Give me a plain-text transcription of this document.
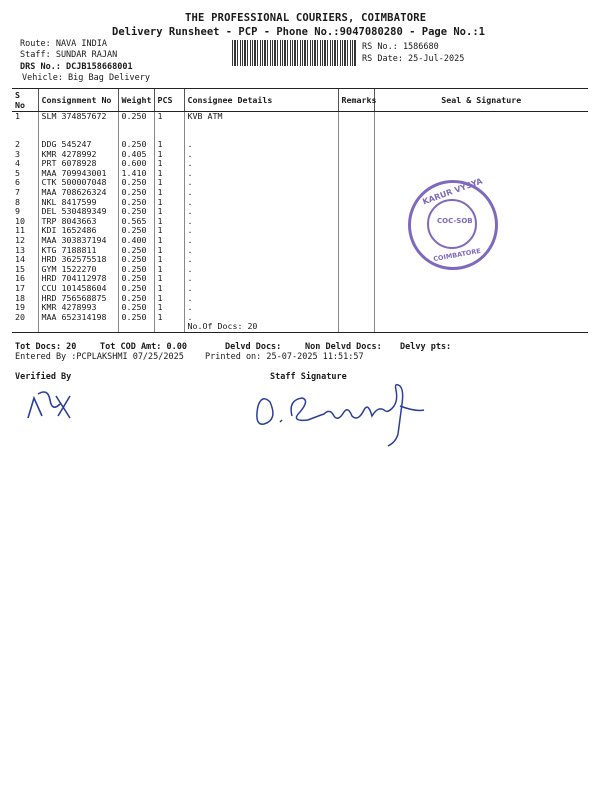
THE PROFESSIONAL COURIERS, COIMBATORE
Delivery Runsheet - PCP - Phone No.:9047080280 - Page No.:1
Route: NAVA INDIA
Staff: SUNDAR RAJAN
DRS No.: DCJB158668001
Vehicle: Big Bag Delivery
RS No.: 1586680
RS Date: 25-Jul-2025
S No	Consignment No	Weight	PCS	Consignee Details	Remarks	Seal & Signature
1	SLM 374857672	0.250	1	KVB ATM		
2	DDG 545247	0.250	1	.		
3	KMR 4278992	0.405	1	.		
4	PRT 6078928	0.600	1	.		
5	MAA 709943001	1.410	1	.		
6	CTK 500007048	0.250	1	.		
7	MAA 708626324	0.250	1	.		
8	NKL 8417599	0.250	1	.		
9	DEL 530489349	0.250	1	.		
10	TRP 8043663	0.565	1	.		
11	KDI 1652486	0.250	1	.		
12	MAA 303837194	0.400	1	.		
13	KTG 7188811	0.250	1	.		
14	HRD 362575518	0.250	1	.		
15	GYM 1522270	0.250	1	.		
16	HRD 704112978	0.250	1	.		
17	CCU 101458604	0.250	1	.		
18	HRD 756568875	0.250	1	.		
19	KMR 4278993	0.250	1	.		
20	MAA 652314198	0.250	1	.		
				No.Of Docs: 20		
KARUR VYSYA
COC-SOB
COIMBATORE
Tot Docs: 20	Tot COD Amt: 0.00	Delvd Docs:	Non Delvd Docs: Delvy pts:
Entered By :PCPLAKSHMI 07/25/2025 Printed on: 25-07-2025 11:51:57
Verified By	Staff Signature
